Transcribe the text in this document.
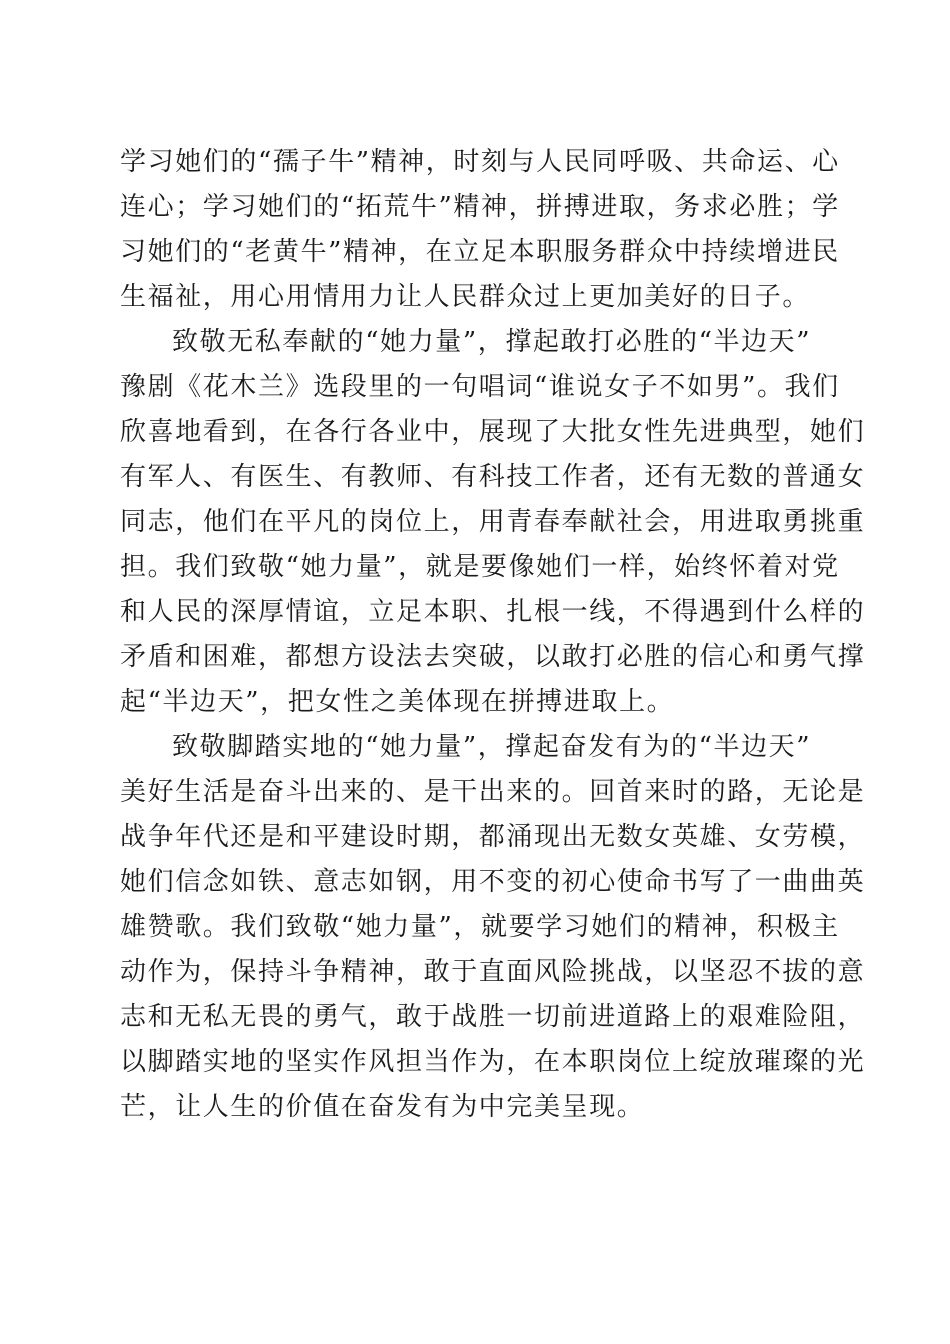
学习她们的“孺子牛”精神，时刻与人民同呼吸、共命运、心
连心；学习她们的“拓荒牛”精神，拼搏进取，务求必胜；学
习她们的“老黄牛”精神，在立足本职服务群众中持续增进民
生福祉，用心用情用力让人民群众过上更加美好的日子。
致敬无私奉献的“她力量”，撑起敢打必胜的“半边天”
豫剧《花木兰》选段里的一句唱词“谁说女子不如男”。我们
欣喜地看到，在各行各业中，展现了大批女性先进典型，她们
有军人、有医生、有教师、有科技工作者，还有无数的普通女
同志，他们在平凡的岗位上，用青春奉献社会，用进取勇挑重
担。我们致敬“她力量”，就是要像她们一样，始终怀着对党
和人民的深厚情谊，立足本职、扎根一线，不得遇到什么样的
矛盾和困难，都想方设法去突破，以敢打必胜的信心和勇气撑
起“半边天”，把女性之美体现在拼搏进取上。
致敬脚踏实地的“她力量”，撑起奋发有为的“半边天”
美好生活是奋斗出来的、是干出来的。回首来时的路，无论是
战争年代还是和平建设时期，都涌现出无数女英雄、女劳模，
她们信念如铁、意志如钢，用不变的初心使命书写了一曲曲英
雄赞歌。我们致敬“她力量”，就要学习她们的精神，积极主
动作为，保持斗争精神，敢于直面风险挑战，以坚忍不拔的意
志和无私无畏的勇气，敢于战胜一切前进道路上的艰难险阻，
以脚踏实地的坚实作风担当作为，在本职岗位上绽放璀璨的光
芒，让人生的价值在奋发有为中完美呈现。
